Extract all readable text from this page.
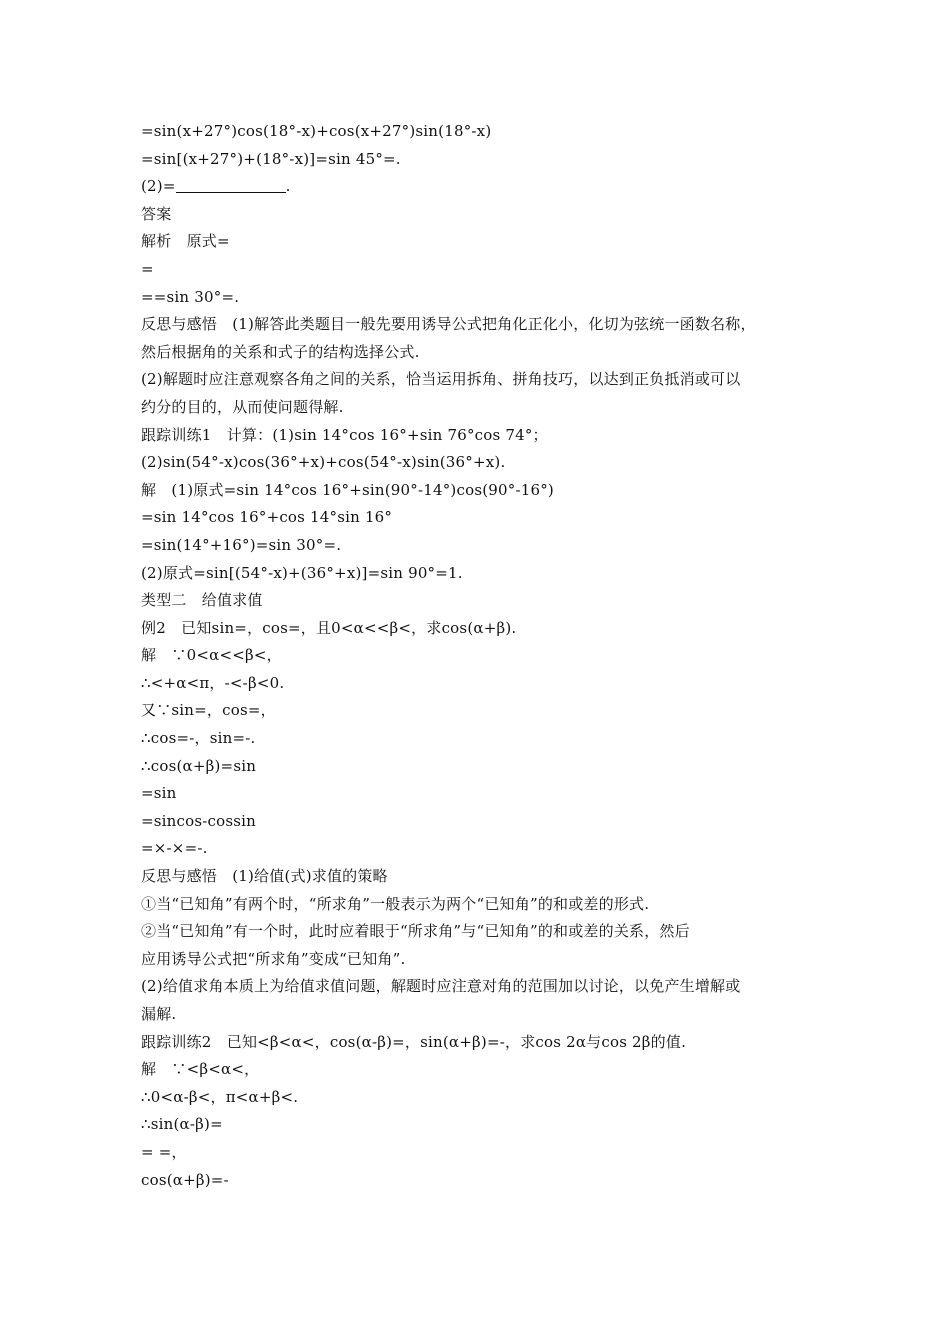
=sin(x+27°)cos(18°-x)+cos(x+27°)sin(18°-x)
=sin[(x+27°)+(18°-x)]=sin 45°=.
(2)=	.
答案
解析　原式=
=
==sin 30°=.
反思与感悟　(1)解答此类题目一般先要用诱导公式把角化正化小，化切为弦统一函数名称，
然后根据角的关系和式子的结构选择公式.
(2)解题时应注意观察各角之间的关系，恰当运用拆角、拼角技巧，以达到正负抵消或可以
约分的目的，从而使问题得解.
跟踪训练1　计算：(1)sin 14°cos 16°+sin 76°cos 74°；
(2)sin(54°-x)cos(36°+x)+cos(54°-x)sin(36°+x).
解　(1)原式=sin 14°cos 16°+sin(90°-14°)cos(90°-16°)
=sin 14°cos 16°+cos 14°sin 16°
=sin(14°+16°)=sin 30°=.
(2)原式=sin[(54°-x)+(36°+x)]=sin 90°=1.
类型二　给值求值
例2　已知sin=，cos=，且0<α<<β<，求cos(α+β).
解　∵0<α<<β<，
∴<+α<π，-<-β<0.
又∵sin=，cos=，
∴cos=-，sin=-.
∴cos(α+β)=sin
=sin
=sincos-cossin
=×-×=-.
反思与感悟　(1)给值(式)求值的策略
①当“已知角”有两个时，“所求角”一般表示为两个“已知角”的和或差的形式.
②当“已知角”有一个时，此时应着眼于“所求角”与“已知角”的和或差的关系，然后
应用诱导公式把“所求角”变成“已知角”.
(2)给值求角本质上为给值求值问题，解题时应注意对角的范围加以讨论，以免产生增解或
漏解.
跟踪训练2　已知<β<α<，cos(α-β)=，sin(α+β)=-，求cos 2α与cos 2β的值.
解　∵<β<α<，
∴0<α-β<，π<α+β<.
∴sin(α-β)=
= =，
cos(α+β)=-
